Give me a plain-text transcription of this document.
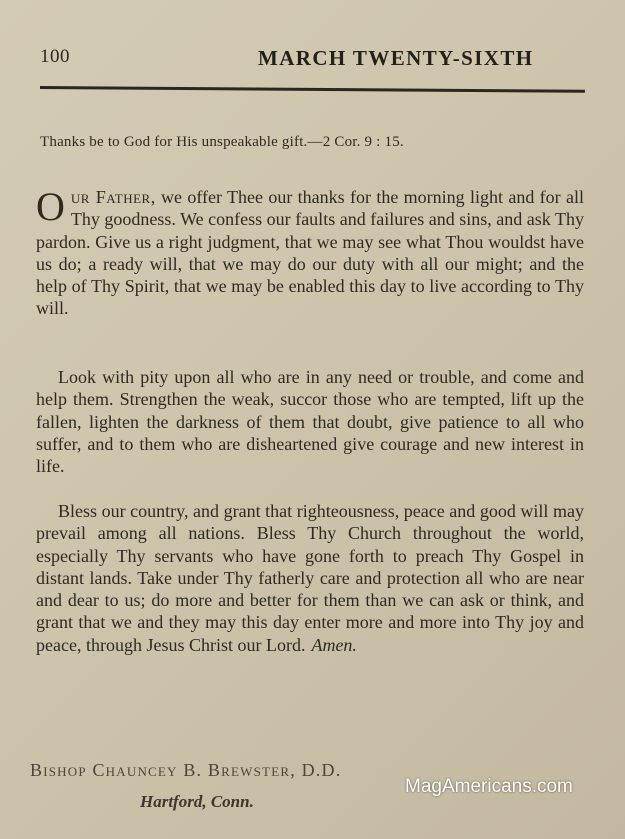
100	MARCH TWENTY-SIXTH
Thanks be to God for His unspeakable gift.—2 Cor. 9 : 15.
Our Father, we offer Thee our thanks for the morning light and for all Thy goodness. We confess our faults and failures and sins, and ask Thy pardon. Give us a right judgment, that we may see what Thou wouldst have us do; a ready will, that we may do our duty with all our might; and the help of Thy Spirit, that we may be enabled this day to live according to Thy will.
Look with pity upon all who are in any need or trouble, and come and help them. Strengthen the weak, succor those who are tempted, lift up the fallen, lighten the darkness of them that doubt, give patience to all who suffer, and to them who are disheartened give courage and new interest in life.
Bless our country, and grant that righteousness, peace and good will may prevail among all nations. Bless Thy Church throughout the world, especially Thy servants who have gone forth to preach Thy Gospel in distant lands. Take under Thy fatherly care and protection all who are near and dear to us; do more and better for them than we can ask or think, and grant that we and they may this day enter more and more into Thy joy and peace, through Jesus Christ our Lord. Amen.
Bishop Chauncey B. Brewster, D.D.
Hartford, Conn.
MagAmericans.com
